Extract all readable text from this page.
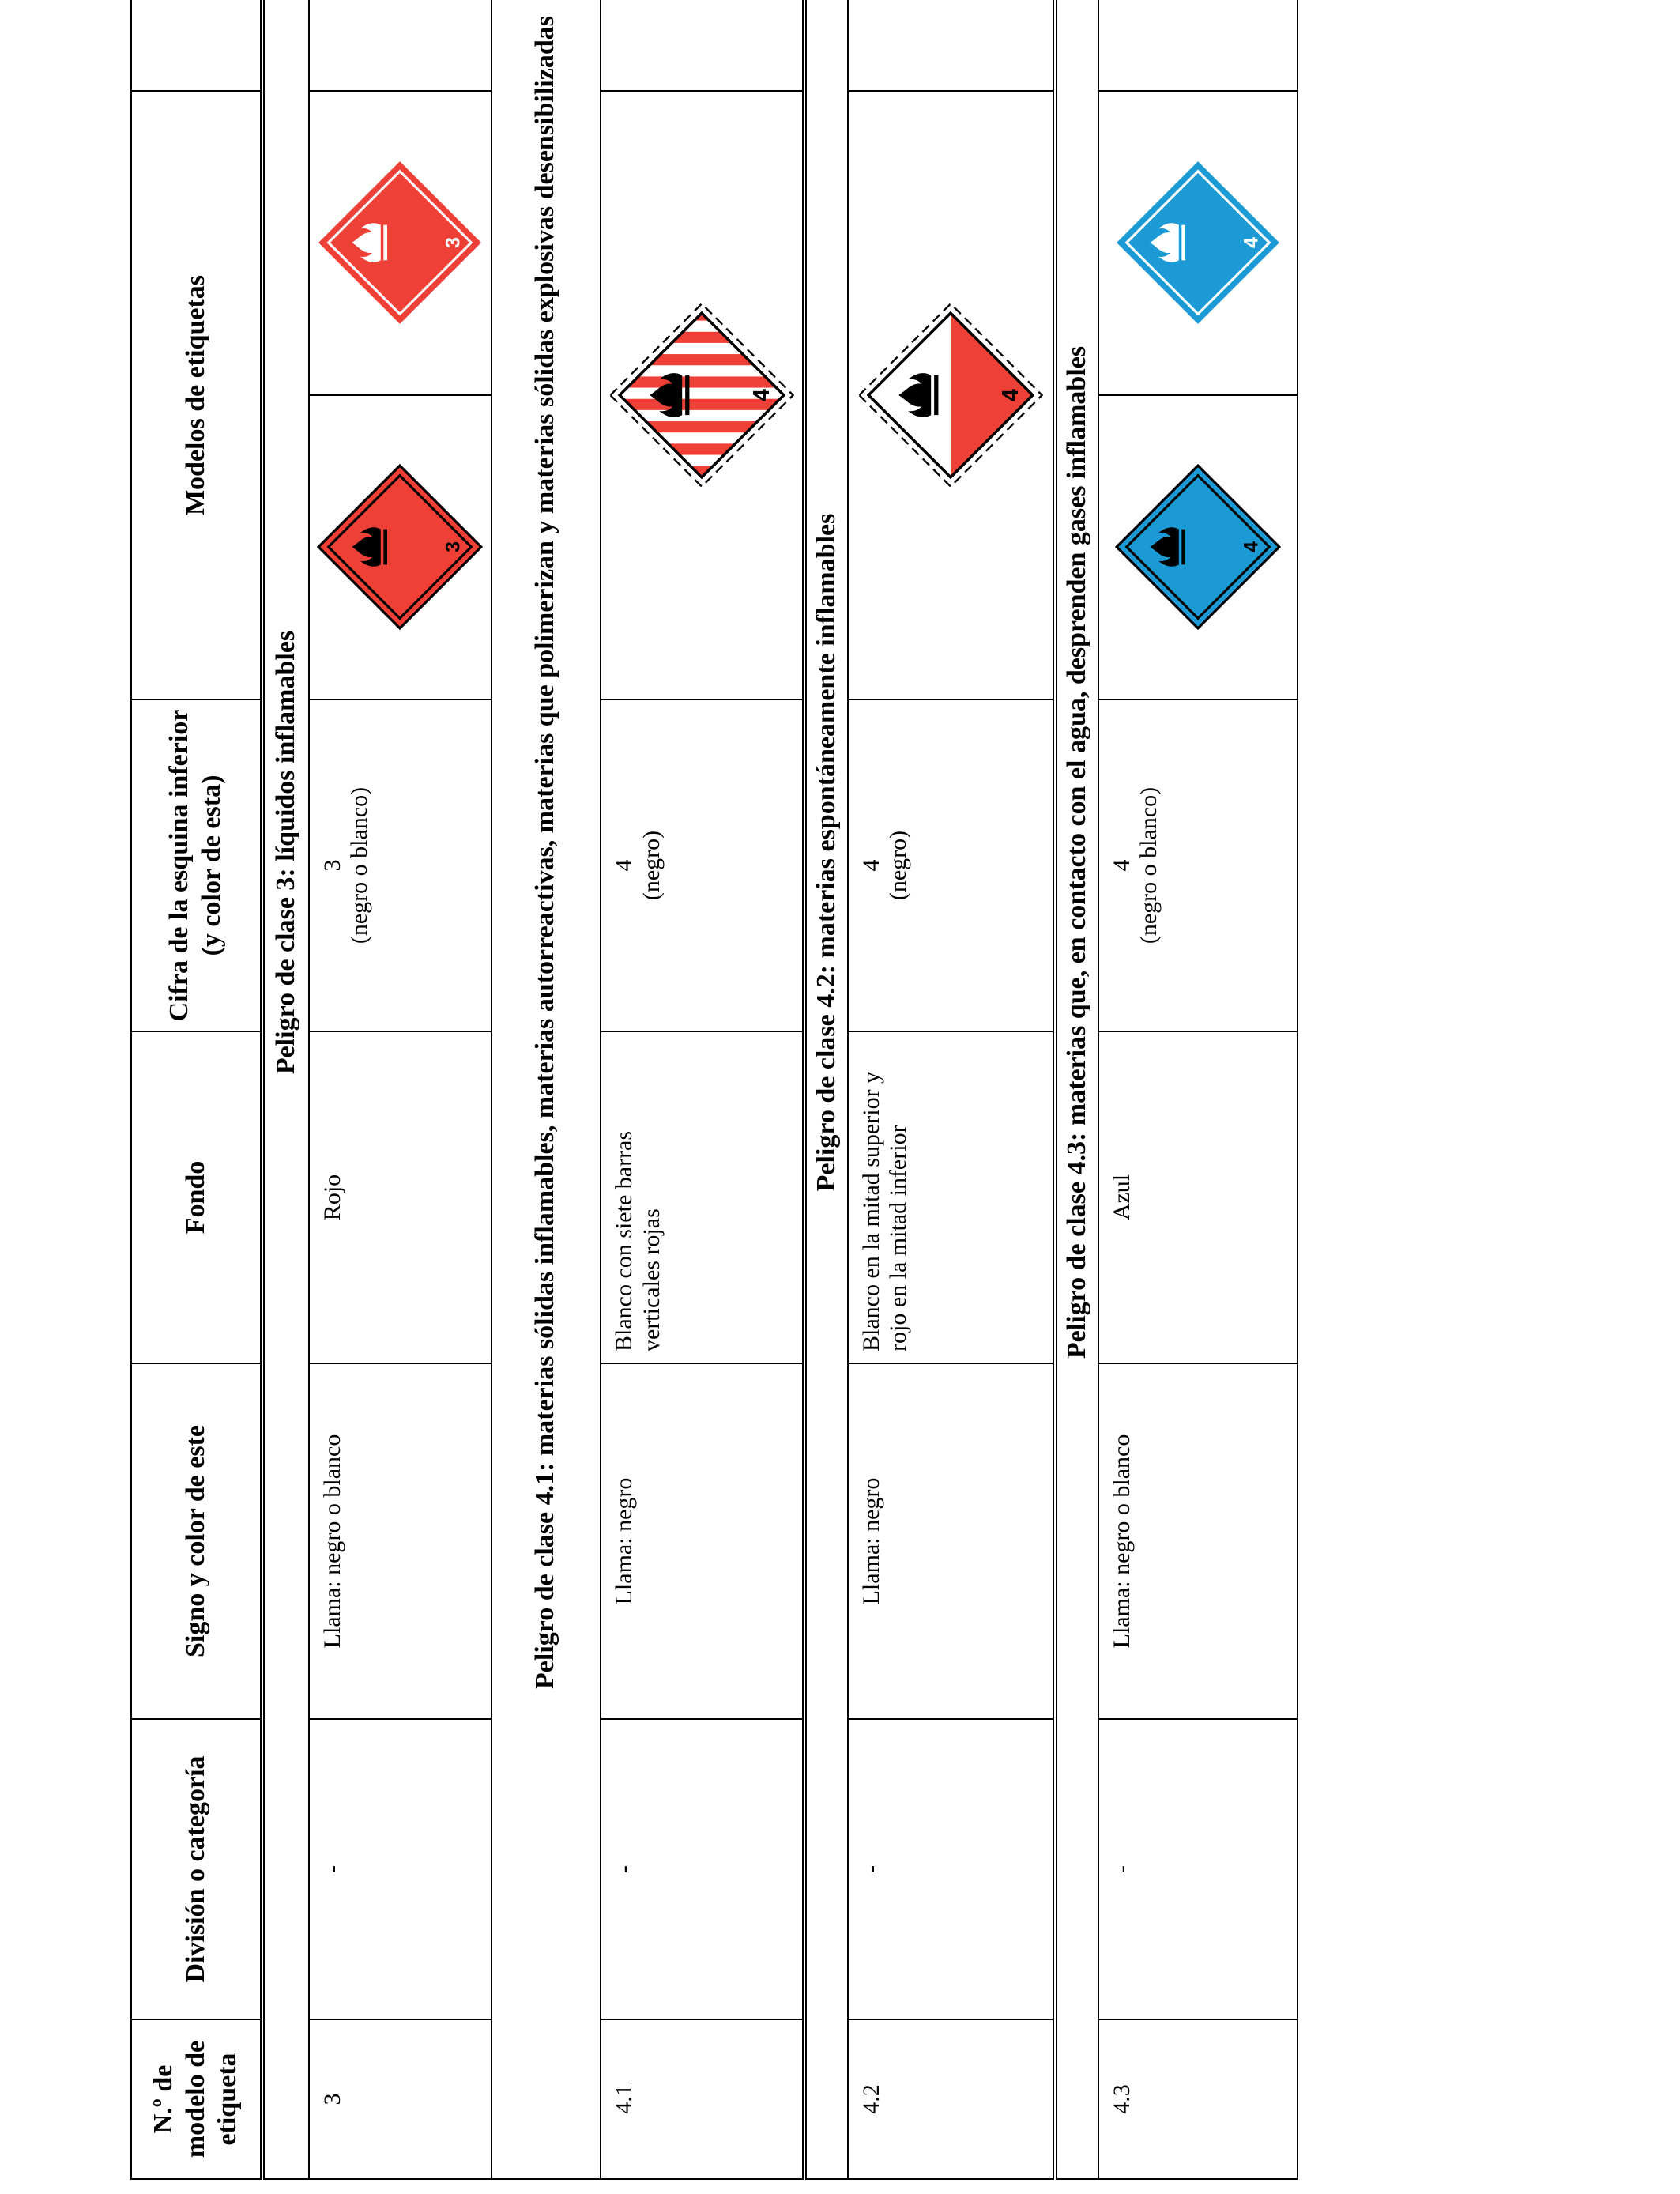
N.º de modelo de etiqueta	División o categoría	Signo y color de este	Fondo	Cifra de la esquina inferior (y color de esta)	Modelos de etiquetas	
Peligro de clase 3: líquidos inflamables							
3	-	Llama: negro o blanco	Rojo	3 (negro o blanco)	3	3

Peligro de clase 4.1: materias sólidas inflamables, materias autorreactivas, materias que polimerizan y materias sólidas explosivas desensibilizadas							
4.1	-	Llama: negro	Blanco con siete barras verticales rojas	4 (negro)	4

Peligro de clase 4.2: materias espontáneamente inflamables							
4.2	-	Llama: negro	Blanco en la mitad superior y rojo en la mitad inferior	4 (negro)	4

Peligro de clase 4.3: materias que, en contacto con el agua, desprenden gases inflamables							
4.3	-	Llama: negro o blanco	Azul	4 (negro o blanco)	4	4
